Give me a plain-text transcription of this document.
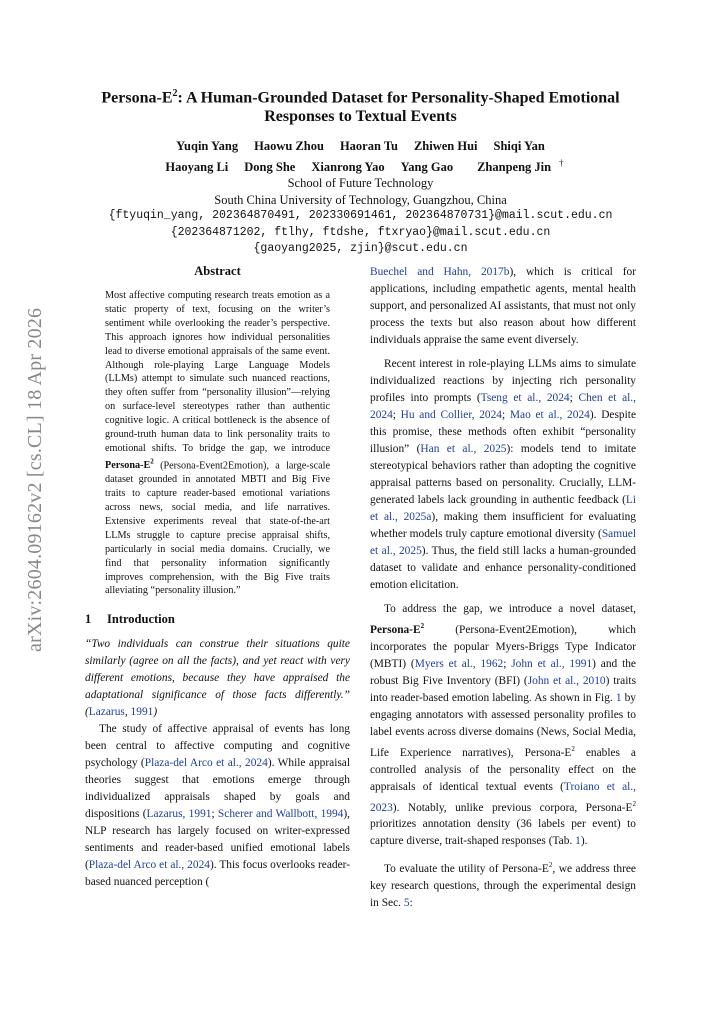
arXiv:2604.09162v2 [cs.CL] 18 Apr 2026
Persona-$E^2$: A Human-Grounded Dataset for Personality-Shaped Emotional Responses to Textual Events
Yuqin Yang Haowu Zhou Haoran Tu Zhiwen Hui Shiqi Yan
Haoyang Li Dong She Xianrong Yao Yang Gao Zhanpeng Jin †
School of Future Technology
South China University of Technology, Guangzhou, China
{ftyuqin_yang, 202364870491, 202330691461, 202364870731}@mail.scut.edu.cn
{202364871202, ftlhy, ftdshe, ftxryao}@mail.scut.edu.cn
{gaoyang2025, zjin}@scut.edu.cn
Abstract

Most affective computing research treats emotion as a static property of text, focusing on the writer’s sentiment while overlooking the reader’s perspective. This approach ignores how individual personalities lead to diverse emotional appraisals of the same event. Although role-playing Large Language Models (LLMs) attempt to simulate such nuanced reactions, they often suffer from “personality illusion”—relying on surface-level stereotypes rather than authentic cognitive logic. A critical bottleneck is the absence of ground-truth human data to link personality traits to emotional shifts. To bridge the gap, we introduce Persona-$E^2$ (Persona-Event2Emotion), a large-scale dataset grounded in annotated MBTI and Big Five traits to capture reader-based emotional variations across news, social media, and life narratives. Extensive experiments reveal that state-of-the-art LLMs struggle to capture precise appraisal shifts, particularly in social media domains. Crucially, we find that personality information significantly improves comprehension, with the Big Five traits alleviating “personality illusion.”

1 Introduction

“Two individuals can construe their situations quite similarly (agree on all the facts), and yet react with very different emotions, because they have appraised the adaptational significance of those facts differently.” (Lazarus, 1991)

The study of affective appraisal of events has long been central to affective computing and cognitive psychology (Plaza-del Arco et al., 2024). While appraisal theories suggest that emotions emerge through individualized appraisals shaped by goals and dispositions (Lazarus, 1991; Scherer and Wallbott, 1994), NLP research has largely focused on writer-expressed sentiments and reader-based unified emotional labels (Plaza-del Arco et al., 2024). This focus overlooks reader-based nuanced perception (

Buechel and Hahn, 2017b), which is critical for applications, including empathetic agents, mental health support, and personalized AI assistants, that must not only process the texts but also reason about how different individuals appraise the same event diversely.

Recent interest in role-playing LLMs aims to simulate individualized reactions by injecting rich personality profiles into prompts (Tseng et al., 2024; Chen et al., 2024; Hu and Collier, 2024; Mao et al., 2024). Despite this promise, these methods often exhibit “personality illusion” (Han et al., 2025): models tend to imitate stereotypical behaviors rather than adopting the cognitive appraisal patterns based on personality. Crucially, LLM-generated labels lack grounding in authentic feedback (Li et al., 2025a), making them insufficient for evaluating whether models truly capture emotional diversity (Samuel et al., 2025). Thus, the field still lacks a human-grounded dataset to validate and enhance personality-conditioned emotion elicitation.

To address the gap, we introduce a novel dataset, Persona-$E^2$ (Persona-Event2Emotion), which incorporates the popular Myers-Briggs Type Indicator (MBTI) (Myers et al., 1962; John et al., 1991) and the robust Big Five Inventory (BFI) (John et al., 2010) traits into reader-based emotion labeling. As shown in Fig. 1 by engaging annotators with assessed personality profiles to label events across diverse domains (News, Social Media, Life Experience narratives), Persona-$E^2$ enables a controlled analysis of the personality effect on the appraisals of identical textual events (Troiano et al., 2023). Notably, unlike previous corpora, Persona-$E^2$ prioritizes annotation density (36 labels per event) to capture diverse, trait-shaped responses (Tab. 1).

To evaluate the utility of Persona-$E^2$, we address three key research questions, through the experimental design in Sec. 5:
